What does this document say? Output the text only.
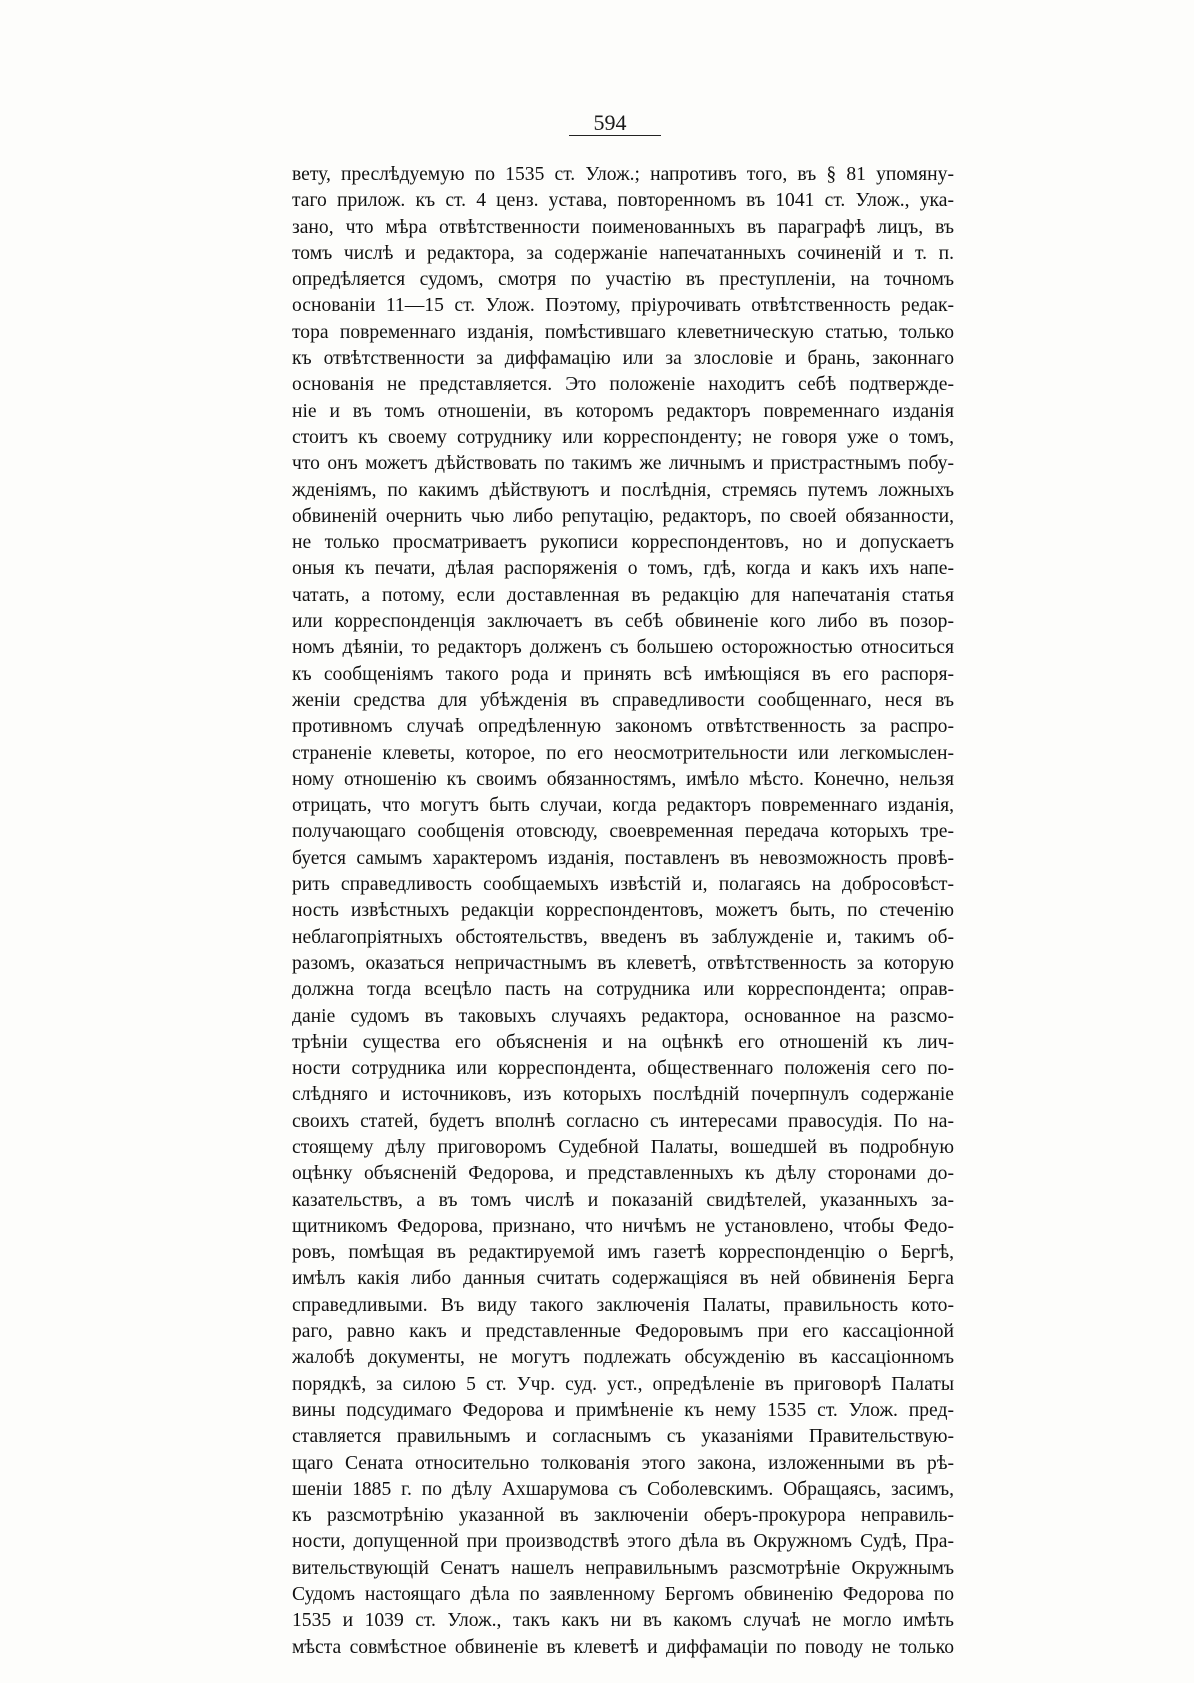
594
вету, преслѣдуемую по 1535 ст. Улож.; напротивъ того, въ § 81 упомяну-
таго прилож. къ ст. 4 ценз. устава, повторенномъ въ 1041 ст. Улож., ука-
зано, что мѣра отвѣтственности поименованныхъ въ параграфѣ лицъ, въ
томъ числѣ и редактора, за содержаніе напечатанныхъ сочиненій и т. п.
опредѣляется судомъ, смотря по участію въ преступленіи, на точномъ
основаніи 11—15 ст. Улож. Поэтому, пріурочивать отвѣтственность редак-
тора повременнаго изданія, помѣстившаго клеветническую статью, только
къ отвѣтственности за диффамацію или за злословіе и брань, законнаго
основанія не представляется. Это положеніе находитъ себѣ подтвержде-
ніе и въ томъ отношеніи, въ которомъ редакторъ повременнаго изданія
стоитъ къ своему сотруднику или корреспонденту; не говоря уже о томъ,
что онъ можетъ дѣйствовать по такимъ же личнымъ и пристрастнымъ побу-
жденіямъ, по какимъ дѣйствуютъ и послѣднія, стремясь путемъ ложныхъ
обвиненій очернить чью либо репутацію, редакторъ, по своей обязанности,
не только просматриваетъ рукописи корреспондентовъ, но и допускаетъ
оныя къ печати, дѣлая распоряженія о томъ, гдѣ, когда и какъ ихъ напе-
чатать, а потому, если доставленная въ редакцію для напечатанія статья
или корреспонденція заключаетъ въ себѣ обвиненіе кого либо въ позор-
номъ дѣяніи, то редакторъ долженъ съ большею осторожностью относиться
къ сообщеніямъ такого рода и принять всѣ имѣющіяся въ его распоря-
женіи средства для убѣжденія въ справедливости сообщеннаго, неся въ
противномъ случаѣ опредѣленную закономъ отвѣтственность за распро-
страненіе клеветы, которое, по его неосмотрительности или легкомыслен-
ному отношенію къ своимъ обязанностямъ, имѣло мѣсто. Конечно, нельзя
отрицать, что могутъ быть случаи, когда редакторъ повременнаго изданія,
получающаго сообщенія отовсюду, своевременная передача которыхъ тре-
буется самымъ характеромъ изданія, поставленъ въ невозможность провѣ-
рить справедливость сообщаемыхъ извѣстій и, полагаясь на добросовѣст-
ность извѣстныхъ редакціи корреспондентовъ, можетъ быть, по стеченію
неблагопріятныхъ обстоятельствъ, введенъ въ заблужденіе и, такимъ об-
разомъ, оказаться непричастнымъ въ клеветѣ, отвѣтственность за которую
должна тогда всецѣло пасть на сотрудника или корреспондента; оправ-
даніе судомъ въ таковыхъ случаяхъ редактора, основанное на разсмо-
трѣніи существа его объясненія и на оцѣнкѣ его отношеній къ лич-
ности сотрудника или корреспондента, общественнаго положенія сего по-
слѣдняго и источниковъ, изъ которыхъ послѣдній почерпнулъ содержаніе
своихъ статей, будетъ вполнѣ согласно съ интересами правосудія. По на-
стоящему дѣлу приговоромъ Судебной Палаты, вошедшей въ подробную
оцѣнку объясненій Федорова, и представленныхъ къ дѣлу сторонами до-
казательствъ, а въ томъ числѣ и показаній свидѣтелей, указанныхъ за-
щитникомъ Федорова, признано, что ничѣмъ не установлено, чтобы Федо-
ровъ, помѣщая въ редактируемой имъ газетѣ корреспонденцію о Бергѣ,
имѣлъ какія либо данныя считать содержащіяся въ ней обвиненія Берга
справедливыми. Въ виду такого заключенія Палаты, правильность кото-
раго, равно какъ и представленные Федоровымъ при его кассаціонной
жалобѣ документы, не могутъ подлежать обсужденію въ кассаціонномъ
порядкѣ, за силою 5 ст. Учр. суд. уст., опредѣленіе въ приговорѣ Палаты
вины подсудимаго Федорова и примѣненіе къ нему 1535 ст. Улож. пред-
ставляется правильнымъ и согласнымъ съ указаніями Правительствую-
щаго Сената относительно толкованія этого закона, изложенными въ рѣ-
шеніи 1885 г. по дѣлу Ахшарумова съ Соболевскимъ. Обращаясь, засимъ,
къ разсмотрѣнію указанной въ заключеніи оберъ-прокурора неправиль-
ности, допущенной при производствѣ этого дѣла въ Окружномъ Судѣ, Пра-
вительствующій Сенатъ нашелъ неправильнымъ разсмотрѣніе Окружнымъ
Судомъ настоящаго дѣла по заявленному Бергомъ обвиненію Федорова по
1535 и 1039 ст. Улож., такъ какъ ни въ какомъ случаѣ не могло имѣть
мѣста совмѣстное обвиненіе въ клеветѣ и диффамаціи по поводу не только
